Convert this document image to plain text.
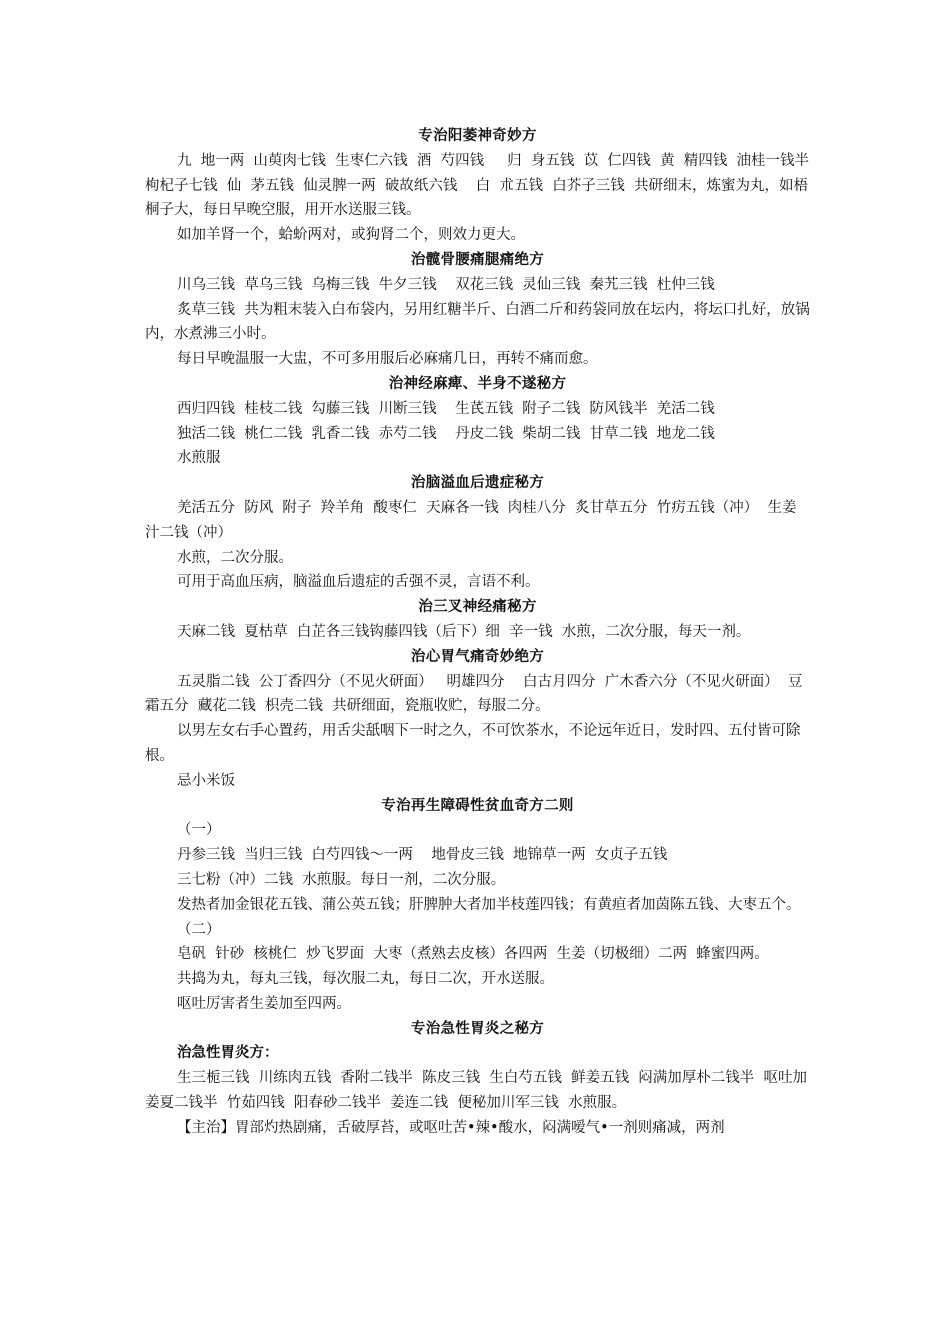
专治阳萎神奇妙方
九  地一两  山萸肉七钱  生枣仁六钱  酒  芍四钱     归  身五钱  苡  仁四钱  黄  精四钱  油桂一钱半    枸杞子七钱  仙  茅五钱  仙灵脾一两  破故纸六钱    白  朮五钱  白芥子三钱  共研细末，炼蜜为丸，如梧桐子大，每日早晚空服，用开水送服三钱。
如加羊肾一个，蛤蚧两对，或狗肾二个，则效力更大。
治髋骨腰痛腿痛绝方
川乌三钱  草乌三钱  乌梅三钱  牛夕三钱    双花三钱  灵仙三钱  秦艽三钱  杜仲三钱
炙草三钱  共为粗末装入白布袋内，另用红糖半斤、白酒二斤和药袋同放在坛内，将坛口扎好，放锅内，水煮沸三小时。
每日早晚温服一大盅，不可多用服后必麻痛几日，再转不痛而愈。
治神经麻痺、半身不遂秘方
西归四钱  桂枝二钱  勾藤三钱  川断三钱    生芪五钱  附子二钱  防风钱半  羌活二钱
独活二钱  桃仁二钱  乳香二钱  赤芍二钱    丹皮二钱  柴胡二钱  甘草二钱  地龙二钱
水煎服
治脑溢血后遗症秘方
羌活五分  防风  附子  羚羊角  酸枣仁  天麻各一钱  肉桂八分  炙甘草五分  竹疠五钱（冲）  生姜汁二钱（冲）
水煎，二次分服。
可用于高血压病，脑溢血后遗症的舌强不灵，言语不利。
治三叉神经痛秘方
天麻二钱  夏枯草  白芷各三钱钩藤四钱（后下）细  辛一钱  水煎，二次分服，每天一剂。
治心胃气痛奇妙绝方
五灵脂二钱  公丁香四分（不见火研面）   明雄四分    白古月四分  广木香六分（不见火研面）  豆霜五分  藏花二钱  枳壳二钱  共研细面，瓷瓶收贮，每服二分。
以男左女右手心置药，用舌尖舐咽下一时之久，不可饮茶水，不论远年近日，发时四、五付皆可除根。
忌小米饭
专治再生障碍性贫血奇方二则
（一）
丹参三钱  当归三钱  白芍四钱～一两    地骨皮三钱  地锦草一两  女贞子五钱
三七粉（冲）二钱  水煎服。每日一剂，二次分服。
发热者加金银花五钱、蒲公英五钱；肝脾肿大者加半枝莲四钱；有黄疸者加茵陈五钱、大枣五个。
（二）
皂矾  针砂  核桃仁  炒飞罗面  大枣（煮熟去皮核）各四两  生姜（切极细）二两  蜂蜜四两。
共捣为丸，每丸三钱，每次服二丸，每日二次，开水送服。
呕吐厉害者生姜加至四两。
专治急性胃炎之秘方
治急性胃炎方：
生三栀三钱  川练肉五钱  香附二钱半  陈皮三钱  生白芍五钱  鲜姜五钱  闷满加厚朴二钱半  呕吐加姜夏二钱半  竹茹四钱  阳春砂二钱半  姜连二钱  便秘加川军三钱  水煎服。
【主治】胃部灼热剧痛，舌破厚苔，或呕吐苦•辣•酸水，闷满嗳气•一剂则痛减，两剂
